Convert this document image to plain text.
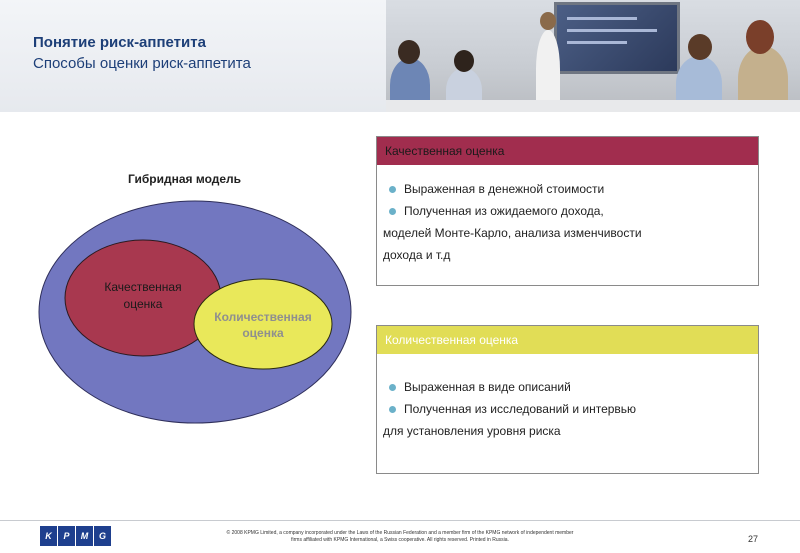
Понятие риск-аппетита
Способы оценки риск-аппетита
Гибридная модель
Качественная
оценка
Количественная
оценка
Качественная оценка
Выраженная в денежной стоимости
Полученная из ожидаемого дохода,
моделей Монте-Карло, анализа изменчивости
дохода и т.д
Количественная оценка
Выраженная в виде описаний
Полученная из исследований и интервью
для установления уровня риска
K	P	M	G	© 2008 KPMG Limited, a company incorporated under the Laws of the Russian Federation and a member firm of the KPMG network of independent member
firms affiliated with KPMG International, a Swiss cooperative. All rights reserved. Printed in Russia.	27
